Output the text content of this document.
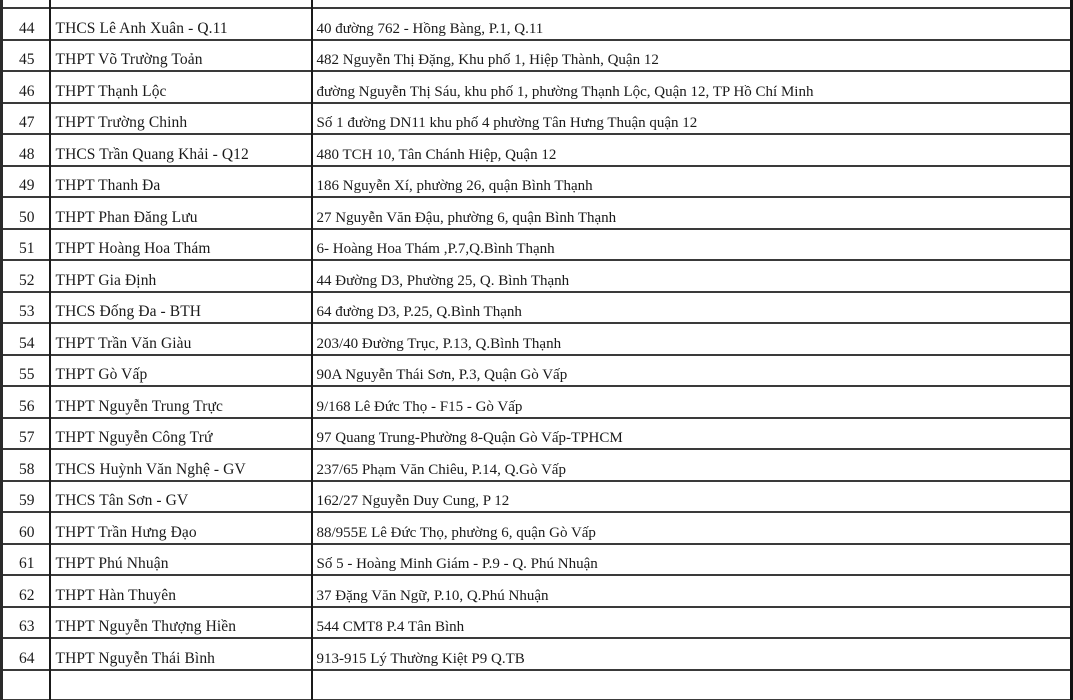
44	THCS Lê Anh Xuân - Q.11	40 đường 762 - Hồng Bàng, P.1, Q.11
45	THPT Võ Trường Toản	482 Nguyễn Thị Đặng, Khu phố 1, Hiệp Thành, Quận 12
46	THPT Thạnh Lộc	đường Nguyễn Thị Sáu, khu phố 1, phường Thạnh Lộc, Quận 12, TP Hồ Chí Minh
47	THPT Trường Chinh	Số 1 đường DN11 khu phố 4 phường Tân Hưng Thuận quận 12
48	THCS Trần Quang Khải - Q12	480 TCH 10, Tân Chánh Hiệp, Quận 12
49	THPT Thanh Đa	186 Nguyễn Xí, phường 26, quận Bình Thạnh
50	THPT Phan Đăng Lưu	27 Nguyễn Văn Đậu, phường 6, quận Bình Thạnh
51	THPT Hoàng Hoa Thám	6- Hoàng Hoa Thám ,P.7,Q.Bình Thạnh
52	THPT Gia Định	44 Đường D3, Phường 25, Q. Bình Thạnh
53	THCS Đống Đa - BTH	64 đường D3, P.25, Q.Bình Thạnh
54	THPT Trần Văn Giàu	203/40 Đường Trục, P.13, Q.Bình Thạnh
55	THPT Gò Vấp	90A Nguyễn Thái Sơn, P.3, Quận Gò Vấp
56	THPT Nguyễn Trung Trực	9/168 Lê Đức Thọ - F15 - Gò Vấp
57	THPT Nguyễn Công Trứ	97 Quang Trung-Phường 8-Quận Gò Vấp-TPHCM
58	THCS Huỳnh Văn Nghệ - GV	237/65 Phạm Văn Chiêu, P.14, Q.Gò Vấp
59	THCS Tân Sơn - GV	162/27 Nguyễn Duy Cung, P 12
60	THPT Trần Hưng Đạo	88/955E Lê Đức Thọ, phường 6, quận Gò Vấp
61	THPT Phú Nhuận	Số 5 - Hoàng Minh Giám - P.9 - Q. Phú Nhuận
62	THPT Hàn Thuyên	37 Đặng Văn Ngữ, P.10, Q.Phú Nhuận
63	THPT Nguyễn Thượng Hiền	544 CMT8 P.4 Tân Bình
64	THPT Nguyễn Thái Bình	913-915 Lý Thường Kiệt P9 Q.TB
